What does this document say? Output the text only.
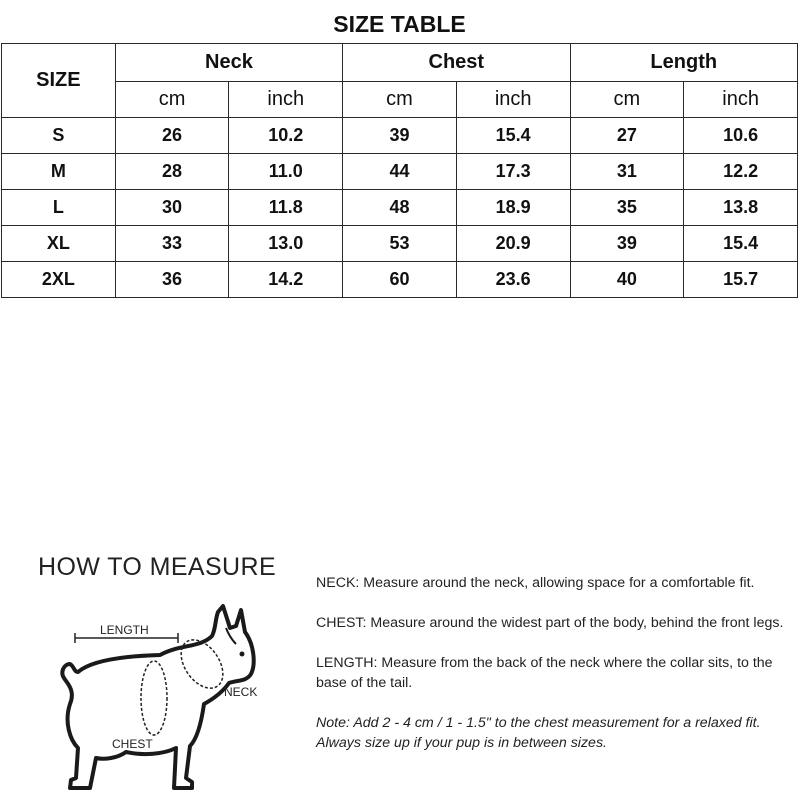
SIZE TABLE						
SIZE	Neck		Chest		Length	
	cm	inch	cm	inch	cm	inch
S	26	10.2	39	15.4	27	10.6
M	28	11.0	44	17.3	31	12.2
L	30	11.8	48	18.9	35	13.8
XL	33	13.0	53	20.9	39	15.4
2XL	36	14.2	60	23.6	40	15.7
HOW TO MEASURE
LENGTH
NECK
CHEST

NECK: Measure around the neck, allowing space for a comfortable fit.

CHEST: Measure around the widest part of the body, behind the front legs.

LENGTH: Measure from the back of the neck where the collar sits, to the base of the tail.

Note: Add 2 - 4 cm / 1 - 1.5" to the chest measurement for a relaxed fit. Always size up if your pup is in between sizes.
